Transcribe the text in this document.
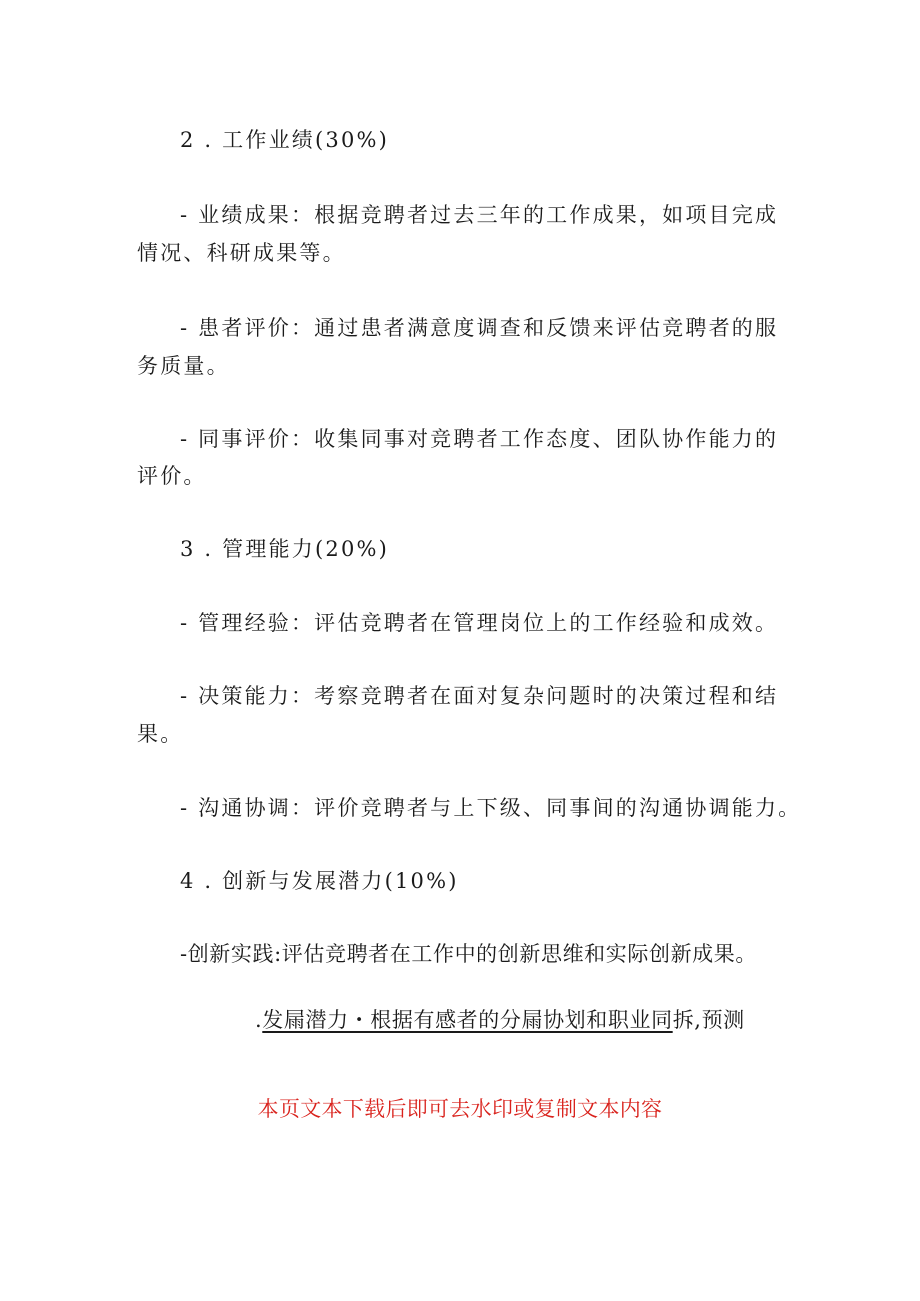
2 . 工作业绩(30%)
- 业绩成果：根据竞聘者过去三年的工作成果，如项目完成
情况、科研成果等。
- 患者评价：通过患者满意度调查和反馈来评估竞聘者的服
务质量。
- 同事评价：收集同事对竞聘者工作态度、团队协作能力的
评价。
3 . 管理能力(20%)
- 管理经验：评估竞聘者在管理岗位上的工作经验和成效。
- 决策能力：考察竞聘者在面对复杂问题时的决策过程和结
果。
- 沟通协调：评价竞聘者与上下级、同事间的沟通协调能力。
4 . 创新与发展潜力(10%)
-创新实践:评估竞聘者在工作中的创新思维和实际创新成果。
.发屚潜力・根据有感者的分屚协划和职业同拆,预测
本页文本下载后即可去水印或复制文本内容
